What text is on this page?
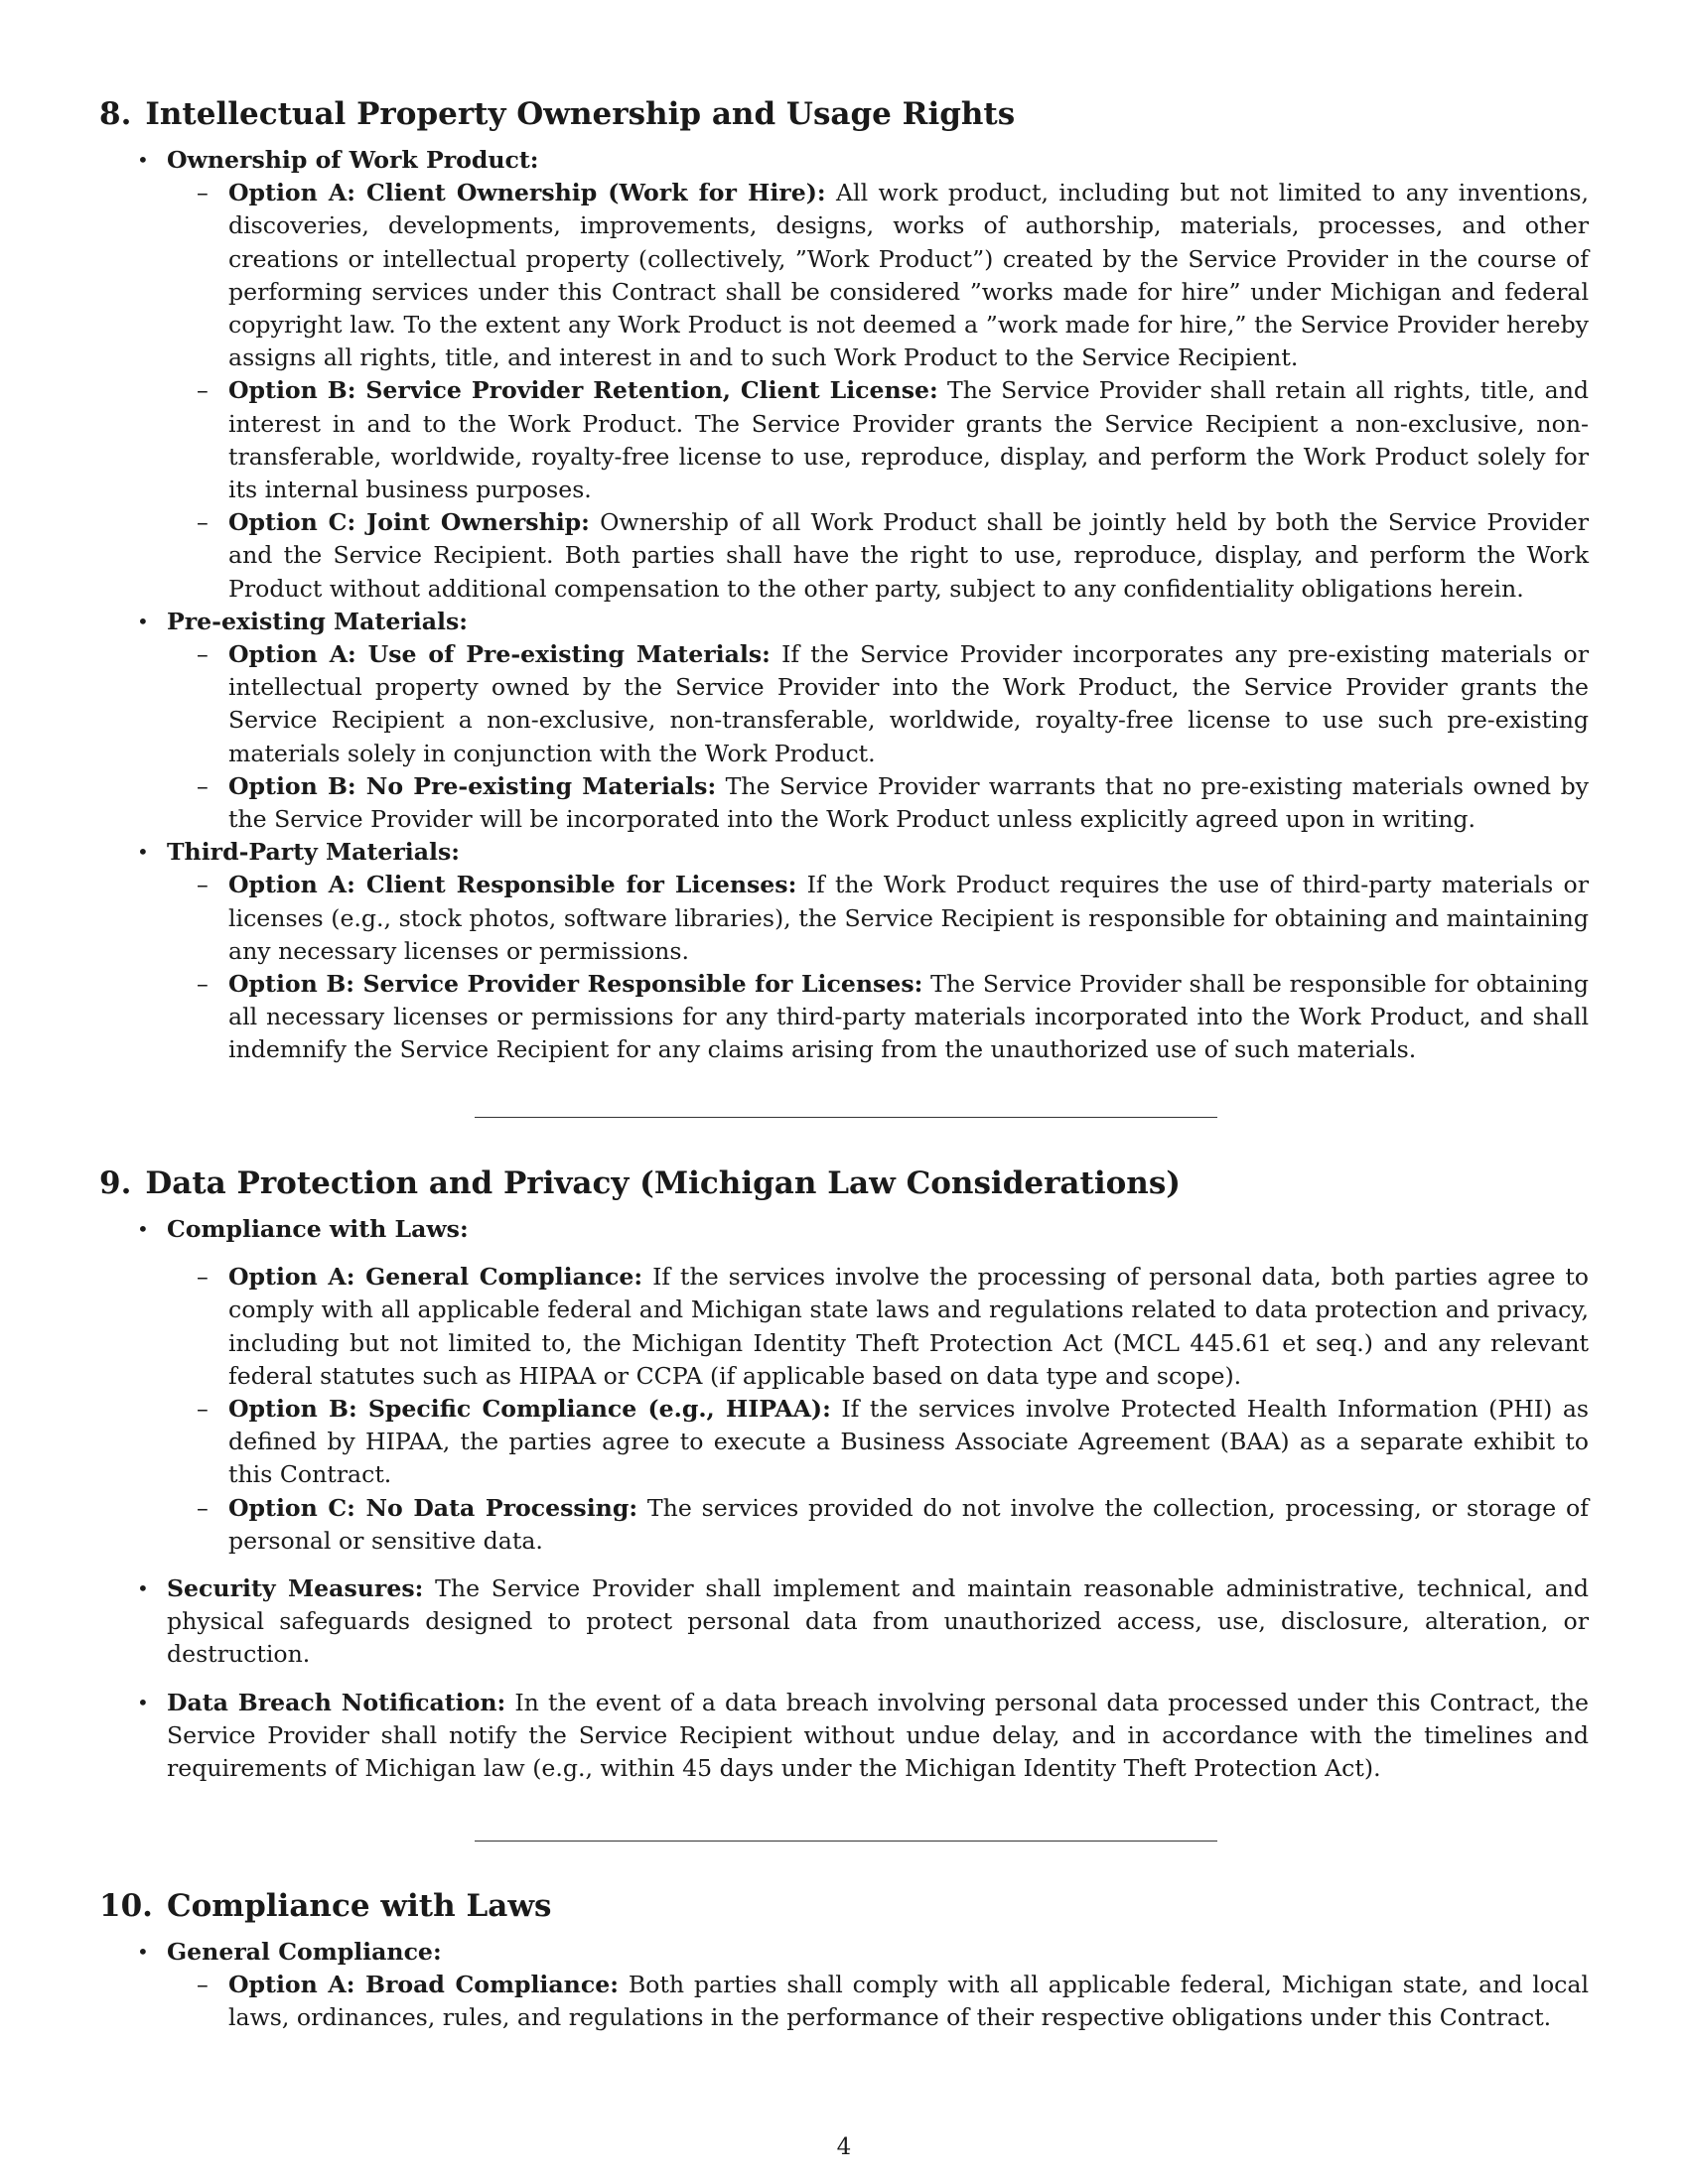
8. Intellectual Property Ownership and Usage Rights
• Ownership of Work Product:
– Option A: Client Ownership (Work for Hire): All work product, including but not limited to any inventions, discoveries, developments, improvements, designs, works of authorship, materials, processes, and other creations or intellectual property (collectively, ”Work Product”) created by the Service Provider in the course of performing services under this Contract shall be considered ”works made for hire” under Michigan and federal copyright law. To the extent any Work Product is not deemed a ”work made for hire,” the Service Provider hereby assigns all rights, title, and interest in and to such Work Product to the Service Recipient.
– Option B: Service Provider Retention, Client License: The Service Provider shall retain all rights, title, and interest in and to the Work Product. The Service Provider grants the Service Recipient a non-exclusive, non-transferable, worldwide, royalty-free license to use, reproduce, display, and perform the Work Product solely for its internal business purposes.
– Option C: Joint Ownership: Ownership of all Work Product shall be jointly held by both the Service Provider and the Service Recipient. Both parties shall have the right to use, reproduce, display, and perform the Work Product without additional compensation to the other party, subject to any confidentiality obligations herein.
• Pre-existing Materials:
– Option A: Use of Pre-existing Materials: If the Service Provider incorporates any pre-existing materials or intellectual property owned by the Service Provider into the Work Product, the Service Provider grants the Service Recipient a non-exclusive, non-transferable, worldwide, royalty-free license to use such pre-existing materials solely in conjunction with the Work Product.
– Option B: No Pre-existing Materials: The Service Provider warrants that no pre-existing materials owned by the Service Provider will be incorporated into the Work Product unless explicitly agreed upon in writing.
• Third-Party Materials:
– Option A: Client Responsible for Licenses: If the Work Product requires the use of third-party materials or licenses (e.g., stock photos, software libraries), the Service Recipient is responsible for obtaining and maintaining any necessary licenses or permissions.
– Option B: Service Provider Responsible for Licenses: The Service Provider shall be responsible for obtaining all necessary licenses or permissions for any third-party materials incorporated into the Work Product, and shall indemnify the Service Recipient for any claims arising from the unauthorized use of such materials.
9. Data Protection and Privacy (Michigan Law Considerations)
• Compliance with Laws:
– Option A: General Compliance: If the services involve the processing of personal data, both parties agree to comply with all applicable federal and Michigan state laws and regulations related to data protection and privacy, including but not limited to, the Michigan Identity Theft Protection Act (MCL 445.61 et seq.) and any relevant federal statutes such as HIPAA or CCPA (if applicable based on data type and scope).
– Option B: Specific Compliance (e.g., HIPAA): If the services involve Protected Health Information (PHI) as defined by HIPAA, the parties agree to execute a Business Associate Agreement (BAA) as a separate exhibit to this Contract.
– Option C: No Data Processing: The services provided do not involve the collection, processing, or storage of personal or sensitive data.
• Security Measures: The Service Provider shall implement and maintain reasonable administrative, technical, and physical safeguards designed to protect personal data from unauthorized access, use, disclosure, alteration, or destruction.
• Data Breach Notification: In the event of a data breach involving personal data processed under this Contract, the Service Provider shall notify the Service Recipient without undue delay, and in accordance with the timelines and requirements of Michigan law (e.g., within 45 days under the Michigan Identity Theft Protection Act).
10. Compliance with Laws
• General Compliance:
– Option A: Broad Compliance: Both parties shall comply with all applicable federal, Michigan state, and local laws, ordinances, rules, and regulations in the performance of their respective obligations under this Contract.
4
